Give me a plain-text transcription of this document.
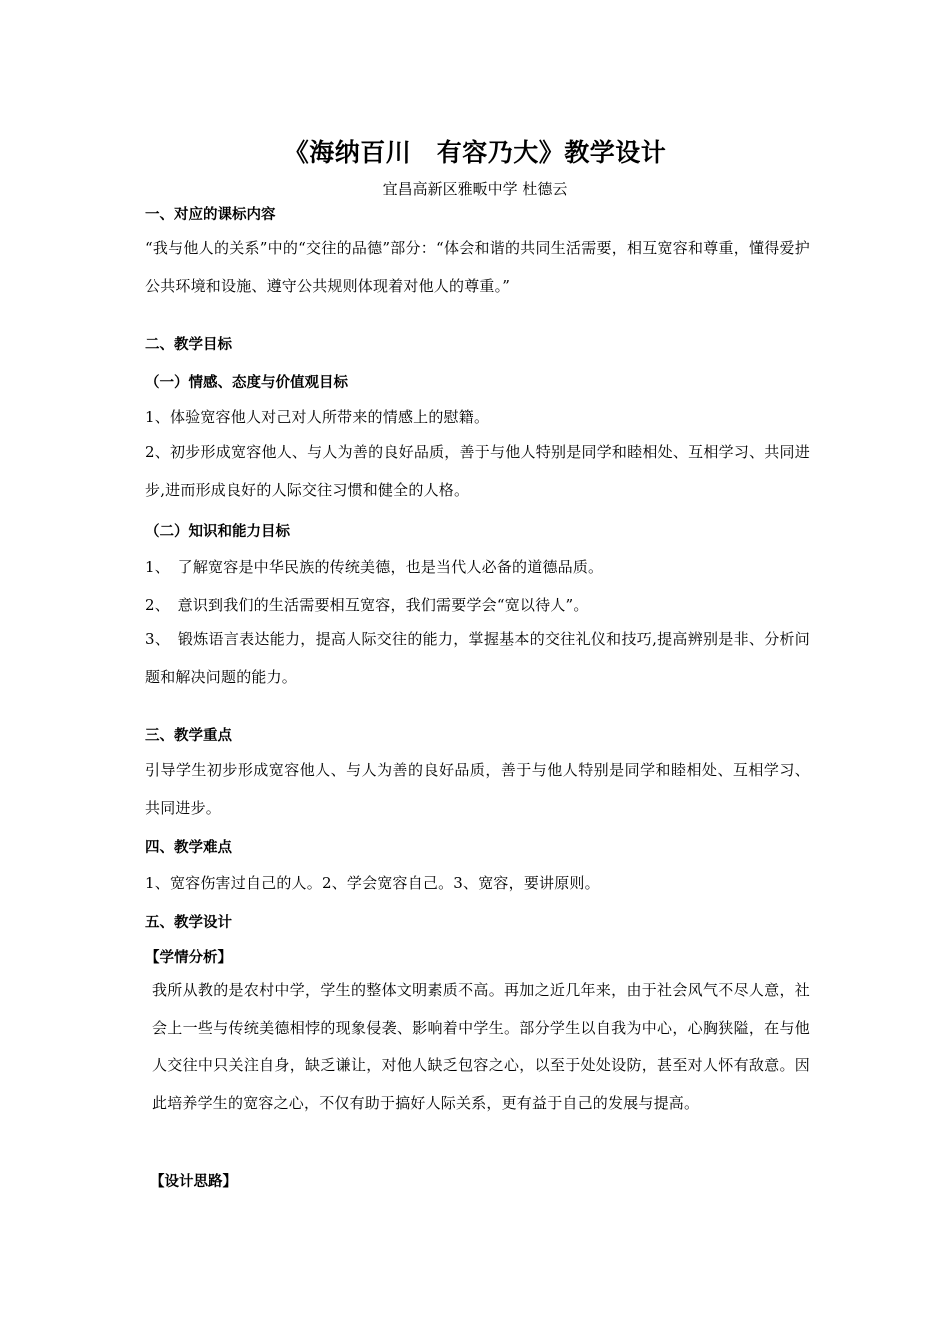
《海纳百川　有容乃大》教学设计
宜昌高新区雅畈中学 杜德云
一、对应的课标内容
“我与他人的关系”中的“交往的品德”部分：“体会和谐的共同生活需要，相互宽容和尊重，懂得爱护公共环境和设施、遵守公共规则体现着对他人的尊重。”
二、教学目标
（一）情感、态度与价值观目标
1、体验宽容他人对己对人所带来的情感上的慰籍。
2、初步形成宽容他人、与人为善的良好品质，善于与他人特别是同学和睦相处、互相学习、共同进步,进而形成良好的人际交往习惯和健全的人格。
（二）知识和能力目标
1、　了解宽容是中华民族的传统美德，也是当代人必备的道德品质。
2、　意识到我们的生活需要相互宽容，我们需要学会“宽以待人”。
3、　锻炼语言表达能力，提高人际交往的能力，掌握基本的交往礼仪和技巧,提高辨别是非、分析问题和解决问题的能力。
三、教学重点
引导学生初步形成宽容他人、与人为善的良好品质，善于与他人特别是同学和睦相处、互相学习、共同进步。
四、教学难点
1、宽容伤害过自己的人。2、学会宽容自己。3、宽容，要讲原则。
五、教学设计
【学情分析】
我所从教的是农村中学，学生的整体文明素质不高。再加之近几年来，由于社会风气不尽人意，社会上一些与传统美德相悖的现象侵袭、影响着中学生。部分学生以自我为中心，心胸狭隘，在与他人交往中只关注自身，缺乏谦让，对他人缺乏包容之心，以至于处处设防，甚至对人怀有敌意。因此培养学生的宽容之心，不仅有助于搞好人际关系，更有益于自己的发展与提高。
【设计思路】
